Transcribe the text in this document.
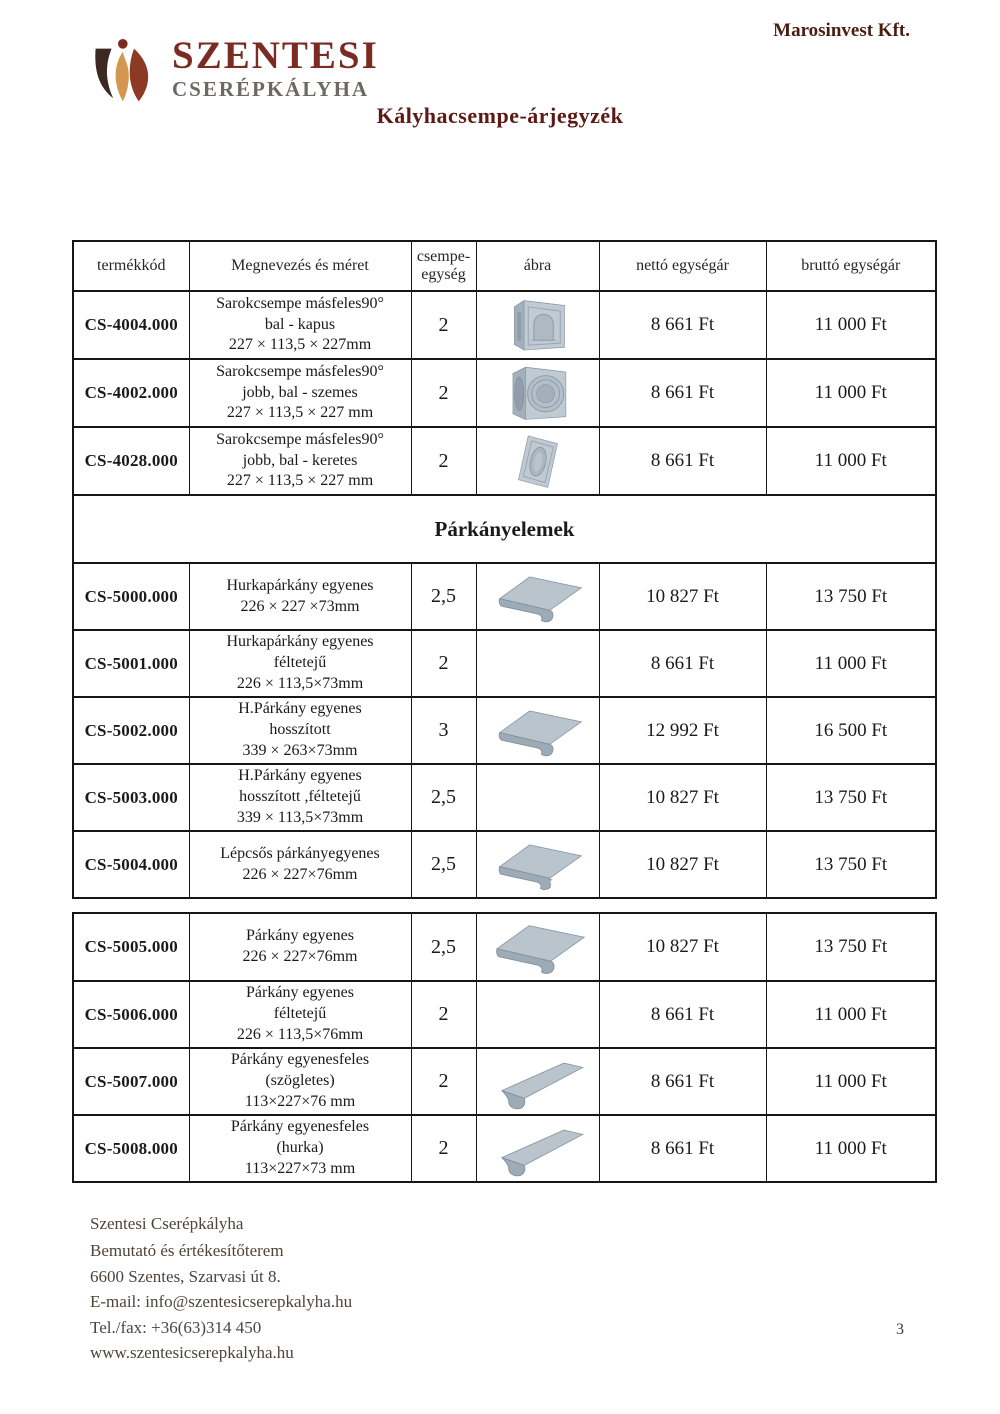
SZENTESI
CSERÉPKÁLYHA
Marosinvest Kft.
Kályhacsempe-árjegyzék
termékkód	Megnevezés és méret	csempe-
egység	ábra	nettó egységár	bruttó egységár
CS-4004.000	Sarokcsempe másfeles90°
bal - kapus
227 × 113,5 × 227mm	2		8 661 Ft	11 000 Ft
CS-4002.000	Sarokcsempe másfeles90°
jobb, bal - szemes
227 × 113,5 × 227 mm	2		8 661 Ft	11 000 Ft
CS-4028.000	Sarokcsempe másfeles90°
jobb, bal - keretes
227 × 113,5 × 227 mm	2		8 661 Ft	11 000 Ft
Párkányelemek					
CS-5000.000	Hurkapárkány egyenes
226 × 227 ×73mm	2,5		10 827 Ft	13 750 Ft
CS-5001.000	Hurkapárkány egyenes
féltetejű
226 × 113,5×73mm	2		8 661 Ft	11 000 Ft
CS-5002.000	H.Párkány egyenes
hosszított
339 × 263×73mm	3		12 992 Ft	16 500 Ft
CS-5003.000	H.Párkány egyenes
hosszított ,féltetejű
339 × 113,5×73mm	2,5		10 827 Ft	13 750 Ft
CS-5004.000	Lépcsős párkányegyenes
226 × 227×76mm	2,5		10 827 Ft	13 750 Ft
CS-5005.000	Párkány egyenes
226 × 227×76mm	2,5		10 827 Ft	13 750 Ft
CS-5006.000	Párkány egyenes
féltetejű
226 × 113,5×76mm	2		8 661 Ft	11 000 Ft
CS-5007.000	Párkány egyenesfeles
(szögletes)
113×227×76 mm	2		8 661 Ft	11 000 Ft
CS-5008.000	Párkány egyenesfeles
(hurka)
113×227×73 mm	2		8 661 Ft	11 000 Ft
Szentesi Cserépkályha
Bemutató és értékesítőterem
6600 Szentes, Szarvasi út 8.
E-mail: info@szentesicserepkalyha.hu
Tel./fax: +36(63)314 450
www.szentesicserepkalyha.hu
3
